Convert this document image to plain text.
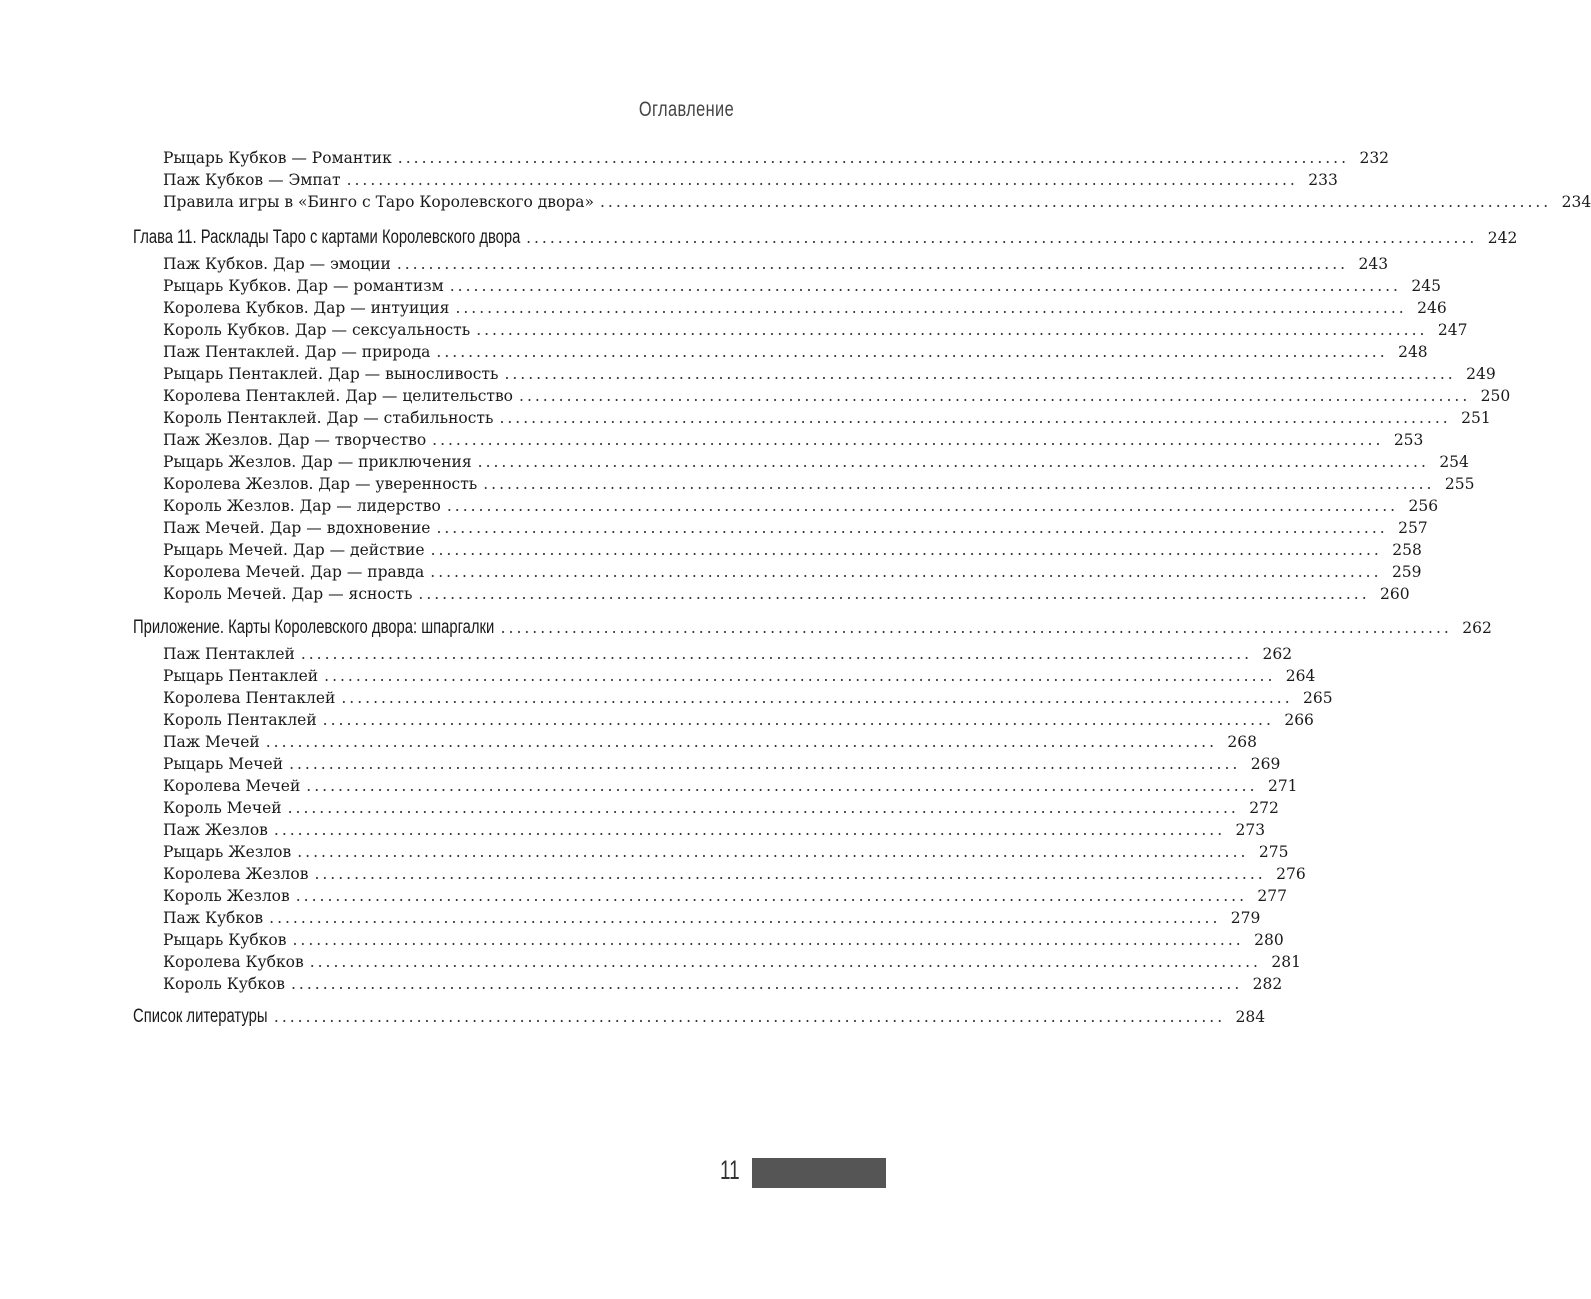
Оглавление
Рыцарь Кубков — Романтик ........................................................................................................................ 232
Паж Кубков — Эмпат ........................................................................................................................ 233
Правила игры в «Бинго с Таро Королевского двора» ........................................................................................................................ 234
Глава 11. Расклады Таро с картами Королевского двора ........................................................................................................................ 242
Паж Кубков. Дар — эмоции ........................................................................................................................ 243
Рыцарь Кубков. Дар — романтизм ........................................................................................................................ 245
Королева Кубков. Дар — интуиция ........................................................................................................................ 246
Король Кубков. Дар — сексуальность ........................................................................................................................ 247
Паж Пентаклей. Дар — природа ........................................................................................................................ 248
Рыцарь Пентаклей. Дар — выносливость ........................................................................................................................ 249
Королева Пентаклей. Дар — целительство ........................................................................................................................ 250
Король Пентаклей. Дар — стабильность ........................................................................................................................ 251
Паж Жезлов. Дар — творчество ........................................................................................................................ 253
Рыцарь Жезлов. Дар — приключения ........................................................................................................................ 254
Королева Жезлов. Дар — уверенность ........................................................................................................................ 255
Король Жезлов. Дар — лидерство ........................................................................................................................ 256
Паж Мечей. Дар — вдохновение ........................................................................................................................ 257
Рыцарь Мечей. Дар — действие ........................................................................................................................ 258
Королева Мечей. Дар — правда ........................................................................................................................ 259
Король Мечей. Дар — ясность ........................................................................................................................ 260
Приложение. Карты Королевского двора: шпаргалки ........................................................................................................................ 262
Паж Пентаклей ........................................................................................................................ 262
Рыцарь Пентаклей ........................................................................................................................ 264
Королева Пентаклей ........................................................................................................................ 265
Король Пентаклей ........................................................................................................................ 266
Паж Мечей ........................................................................................................................ 268
Рыцарь Мечей ........................................................................................................................ 269
Королева Мечей ........................................................................................................................ 271
Король Мечей ........................................................................................................................ 272
Паж Жезлов ........................................................................................................................ 273
Рыцарь Жезлов ........................................................................................................................ 275
Королева Жезлов ........................................................................................................................ 276
Король Жезлов ........................................................................................................................ 277
Паж Кубков ........................................................................................................................ 279
Рыцарь Кубков ........................................................................................................................ 280
Королева Кубков ........................................................................................................................ 281
Король Кубков ........................................................................................................................ 282
Список литературы ........................................................................................................................ 284
11
